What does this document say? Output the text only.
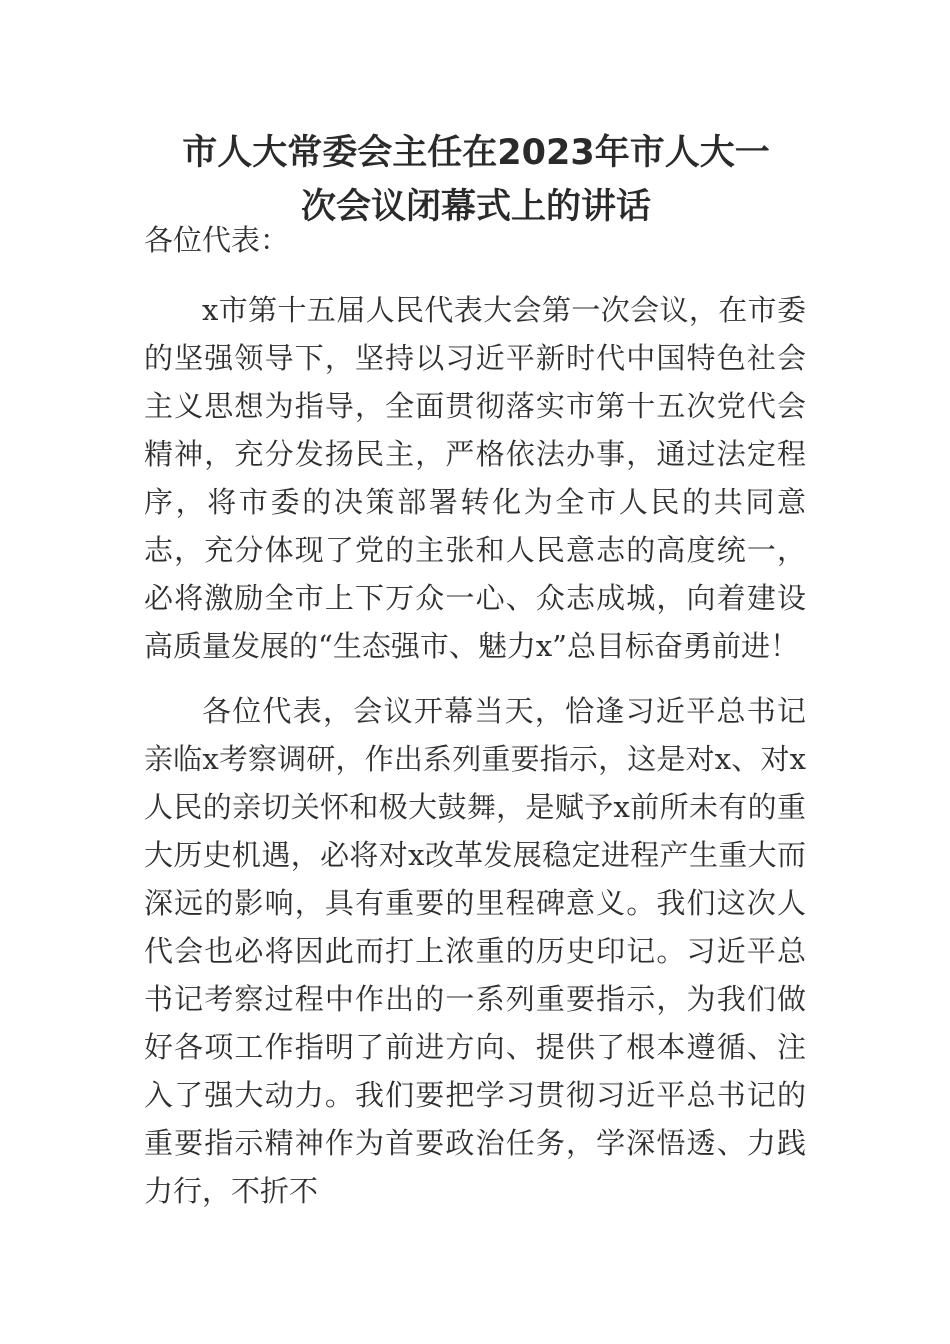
市人大常委会主任在2023年市人大一
次会议闭幕式上的讲话

各位代表：

x市第十五届人民代表大会第一次会议，在市委的坚强领导下，坚持以习近平新时代中国特色社会主义思想为指导，全面贯彻落实市第十五次党代会精神，充分发扬民主，严格依法办事，通过法定程序，将市委的决策部署转化为全市人民的共同意志，充分体现了党的主张和人民意志的高度统一，必将激励全市上下万众一心、众志成城，向着建设高质量发展的“生态强市、魅力x”总目标奋勇前进！

各位代表，会议开幕当天，恰逢习近平总书记亲临x考察调研，作出系列重要指示，这是对x、对x人民的亲切关怀和极大鼓舞，是赋予x前所未有的重大历史机遇，必将对x改革发展稳定进程产生重大而深远的影响，具有重要的里程碑意义。我们这次人代会也必将因此而打上浓重的历史印记。习近平总书记考察过程中作出的一系列重要指示，为我们做好各项工作指明了前进方向、提供了根本遵循、注入了强大动力。我们要把学习贯彻习近平总书记的重要指示精神作为首要政治任务，学深悟透、力践力行，不折不
